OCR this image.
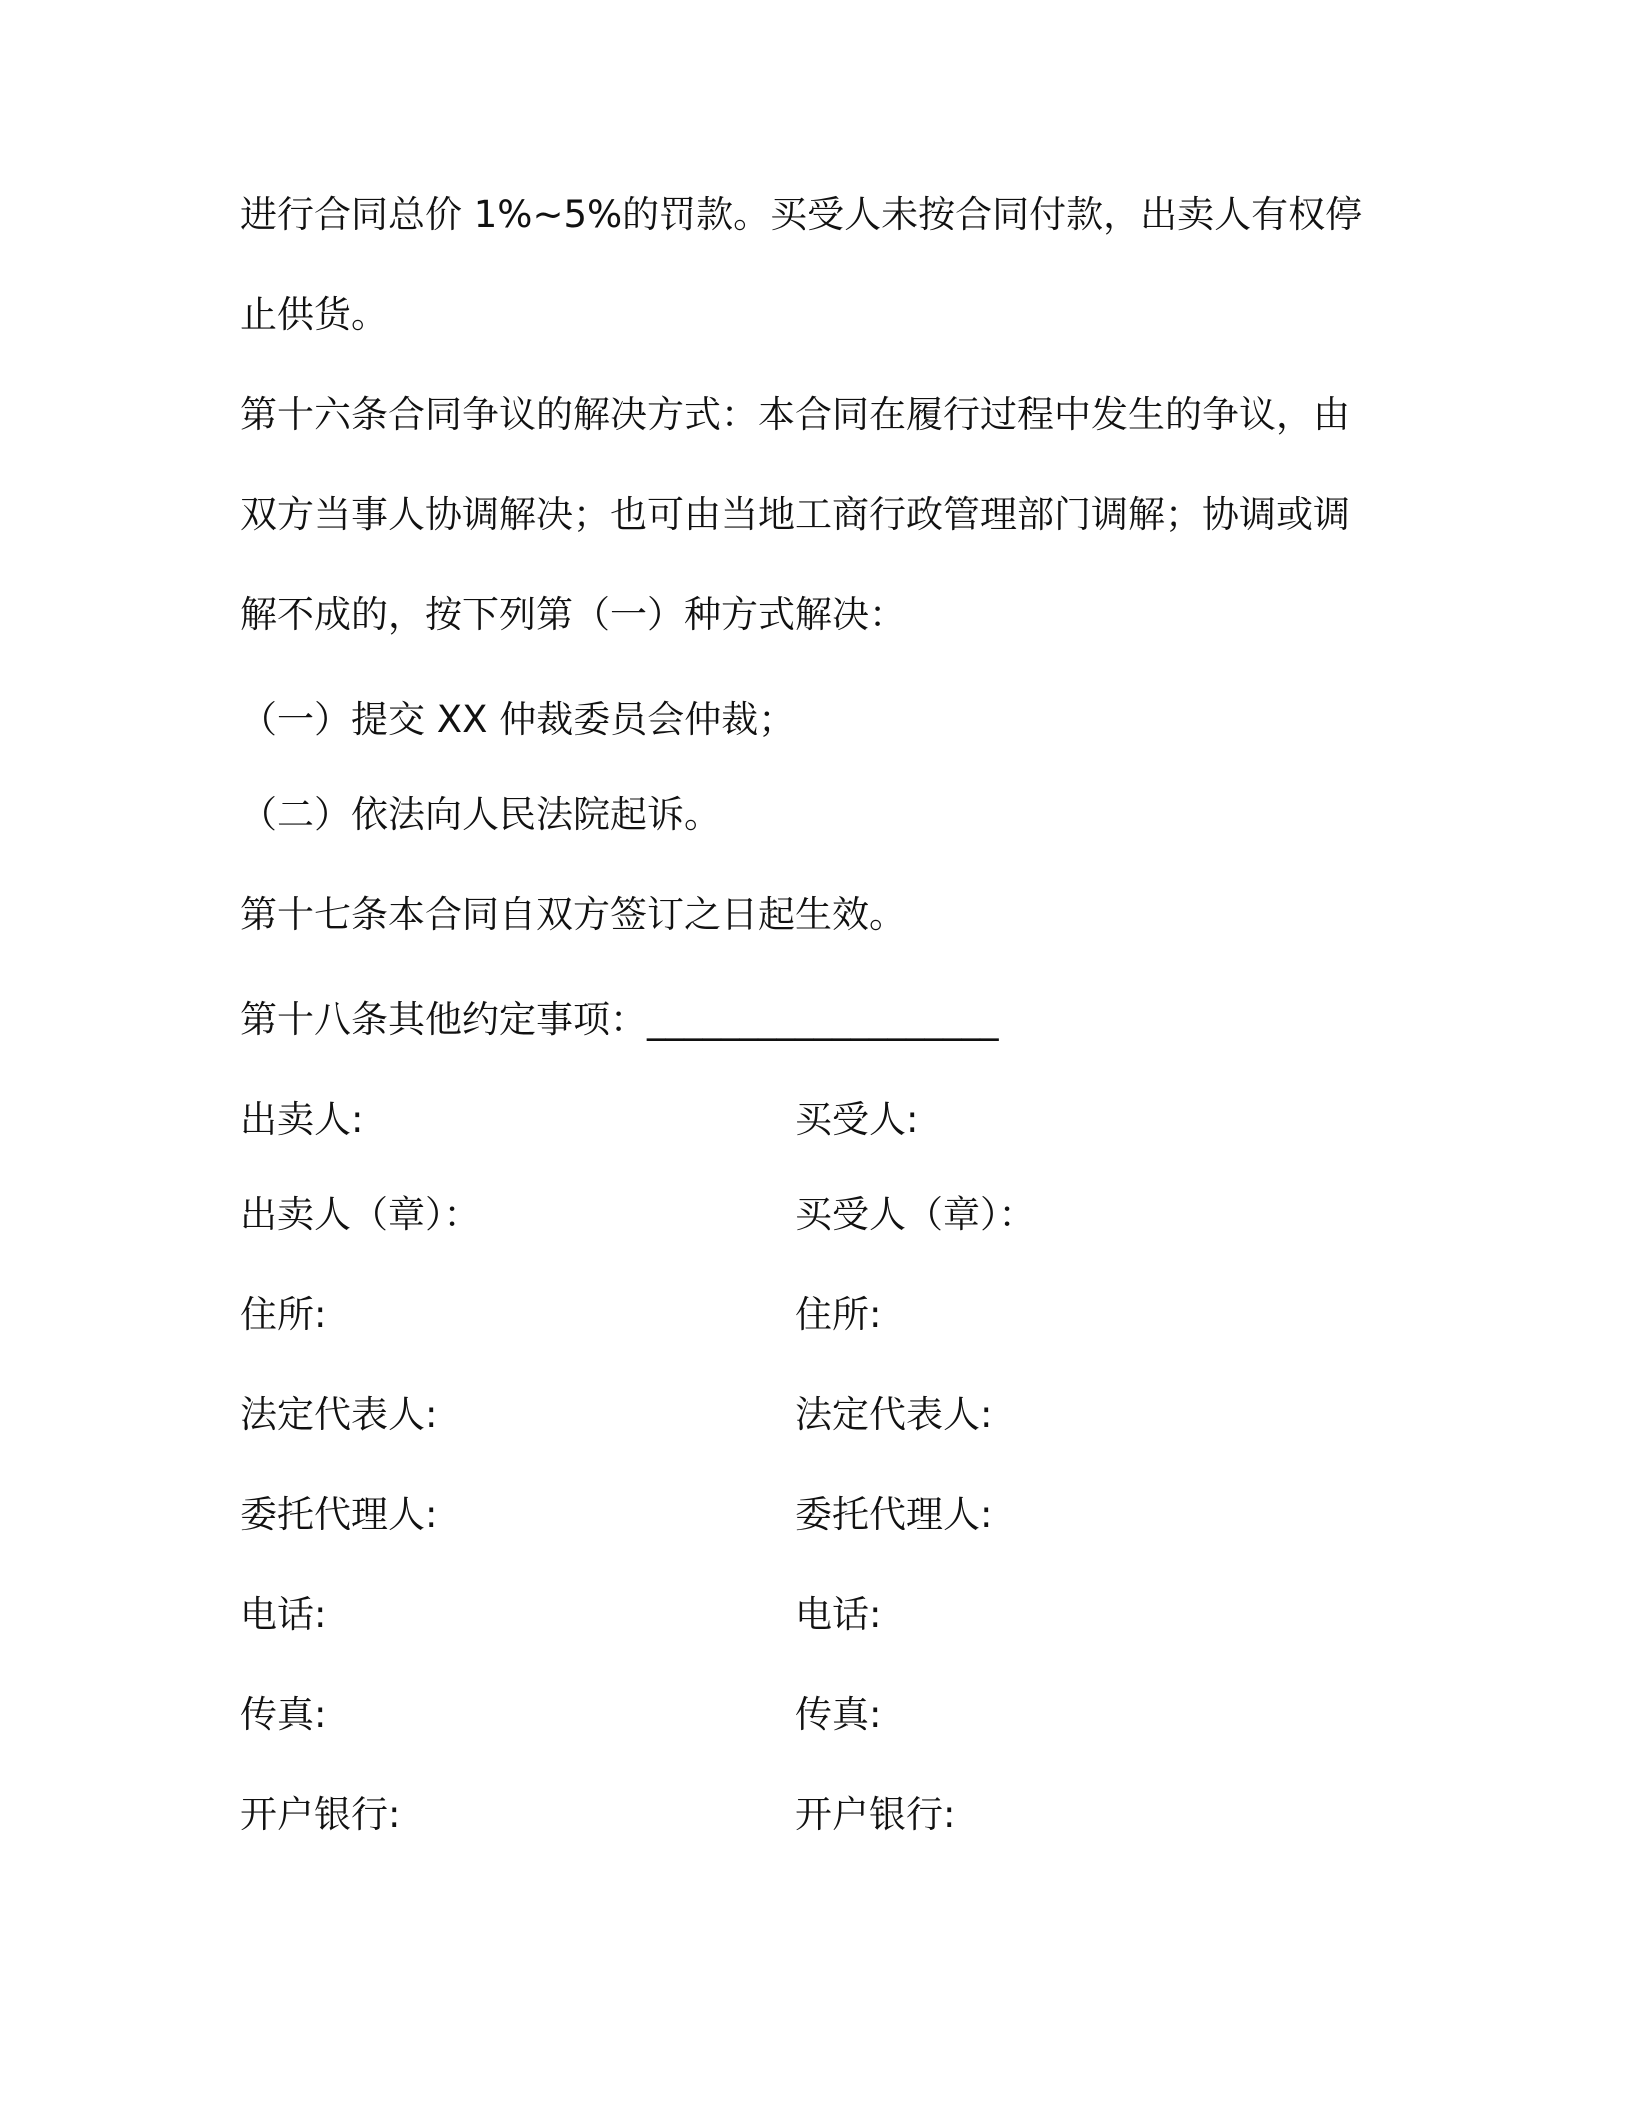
进行合同总价 1%~5%的罚款。买受人未按合同付款，出卖人有权停

止供货。

第十六条合同争议的解决方式：本合同在履行过程中发生的争议，由

双方当事人协调解决；也可由当地工商行政管理部门调解；协调或调

解不成的，按下列第（一）种方式解决：

（一）提交 XX 仲裁委员会仲裁；

（二）依法向人民法院起诉。

第十七条本合同自双方签订之日起生效。

第十八条其他约定事项：___________________

出卖人:	买受人:
出卖人（章）：	买受人（章）：
住所:	住所:
法定代表人:	法定代表人:
委托代理人:	委托代理人:
电话:	电话:
传真:	传真:
开户银行:	开户银行:
